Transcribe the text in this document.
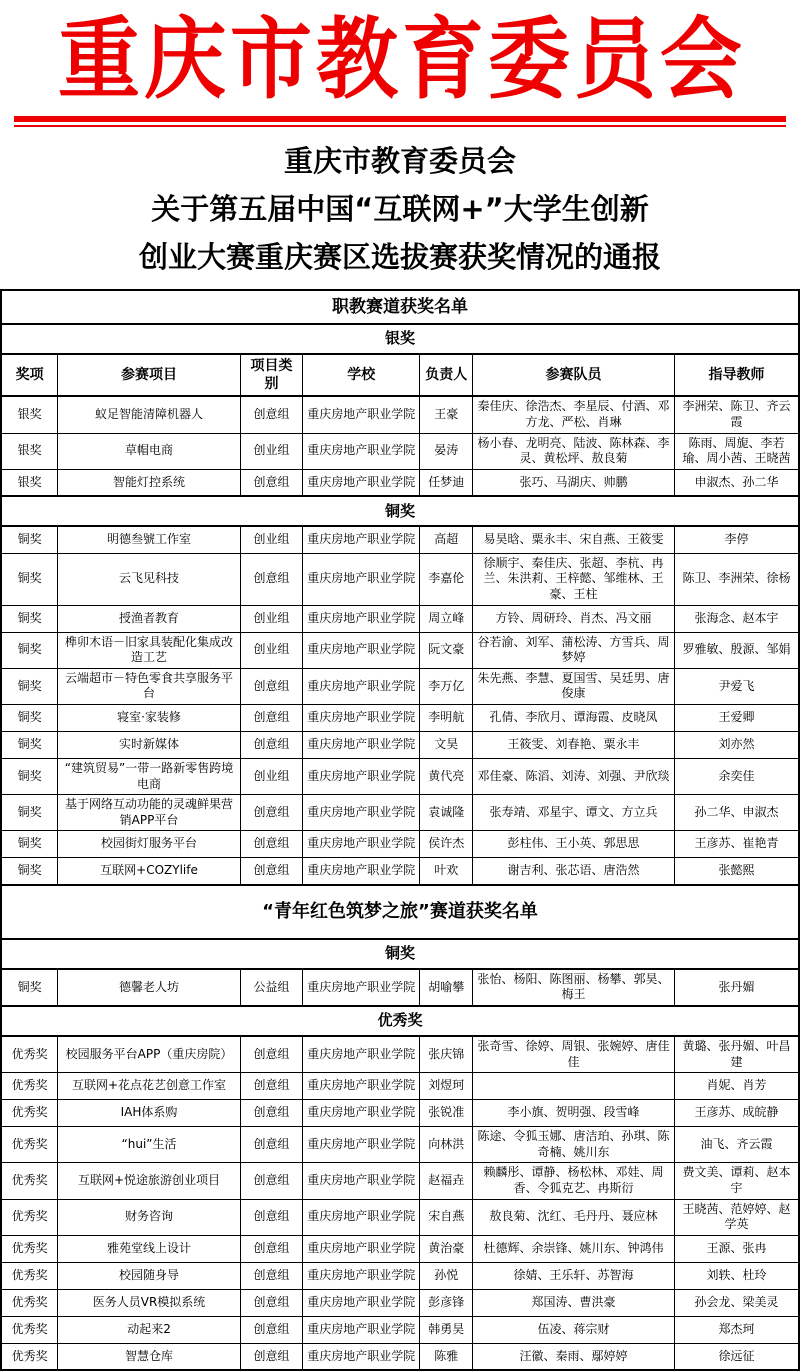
重 庆 市 教 育 委 员 会
重庆市教育委员会
关于第五届中国“互联网+”大学生创新
创业大赛重庆赛区选拔赛获奖情况的通报
职教赛道获奖名单						
银奖						
奖项	参赛项目	项目类别	学校	负责人	参赛队员	指导教师
银奖	蚁足智能清障机器人	创意组	重庆房地产职业学院	王豪	秦佳庆、徐浩杰、李星辰、付酒、邓方龙、严松、肖琳	李洲荣、陈卫、齐云霞
银奖	草帽电商	创业组	重庆房地产职业学院	晏涛	杨小春、龙明亮、陆波、陈林森、李灵、黄松坪、敖良菊	陈雨、周旎、李若瑜、周小茜、王晓茜
银奖	智能灯控系统	创意组	重庆房地产职业学院	任梦迪	张巧、马湖庆、帅鹏	申淑杰、孙二华
铜奖						
铜奖	明德叁號工作室	创业组	重庆房地产职业学院	高超	易昊晗、粟永丰、宋自燕、王筱雯	李停
铜奖	云飞见科技	创意组	重庆房地产职业学院	李嘉伦	徐顺宇、秦佳庆、张超、李杭、冉兰、朱洪莉、王梓懿、邹维林、王豪、王柱	陈卫、李洲荣、徐杨
铜奖	授渔者教育	创业组	重庆房地产职业学院	周立峰	方铃、周研玲、肖杰、冯文丽	张海念、赵本宇
铜奖	榫卯木语－旧家具装配化集成改造工艺	创业组	重庆房地产职业学院	阮文豪	谷若渝、刘军、蒲松涛、方雪兵、周梦婷	罗雅敏、殷源、邹娟
铜奖	云端超市－特色零食共享服务平台	创意组	重庆房地产职业学院	李万亿	朱先燕、李慧、夏国雪、吴廷男、唐俊康	尹爱飞
铜奖	寝室·家装修	创意组	重庆房地产职业学院	李明航	孔倩、李欣月、谭海霞、皮晓凤	王爱卿
铜奖	实时新媒体	创意组	重庆房地产职业学院	文昊	王筱雯、刘春艳、粟永丰	刘亦然
铜奖	“建筑贸易”一带一路新零售跨境电商	创业组	重庆房地产职业学院	黄代亮	邓佳豪、陈滔、刘涛、刘强、尹欣琰	余奕佳
铜奖	基于网络互动功能的灵魂鲜果营销APP平台	创意组	重庆房地产职业学院	袁诚隆	张寿靖、邓星宇、谭文、方立兵	孙二华、申淑杰
铜奖	校园街灯服务平台	创意组	重庆房地产职业学院	侯许杰	彭柱伟、王小英、郭思思	王彦苏、崔艳青
铜奖	互联网+COZYlife	创意组	重庆房地产职业学院	叶欢	谢吉利、张芯语、唐浩然	张懿熙
“青年红色筑梦之旅”赛道获奖名单						
铜奖						
铜奖	德馨老人坊	公益组	重庆房地产职业学院	胡喻攀	张怡、杨阳、陈图丽、杨攀、郭昊、梅王	张丹媚
优秀奖						
优秀奖	校园服务平台APP（重庆房院）	创意组	重庆房地产职业学院	张庆锦	张奇雪、徐婷、周银、张婉婷、唐佳佳	黄璐、张丹媚、叶昌建
优秀奖	互联网+花点花艺创意工作室	创意组	重庆房地产职业学院	刘煜珂		肖妮、肖芳
优秀奖	IAH体系购	创意组	重庆房地产职业学院	张锐准	李小旗、贺明强、段雪峰	王彦苏、成皖静
优秀奖	“hui”生活	创意组	重庆房地产职业学院	向林洪	陈途、令狐玉娜、唐洁珀、孙琪、陈奇楠、姚川东	油飞、齐云霞
优秀奖	互联网+悦途旅游创业项目	创意组	重庆房地产职业学院	赵福垚	赖麟彤、谭静、杨松林、邓娃、周香、令狐克艺、冉斯衍	费文美、谭莉、赵本宇
优秀奖	财务咨询	创意组	重庆房地产职业学院	宋自燕	敖良菊、沈红、毛丹丹、聂应林	王晓茜、范婷婷、赵学英
优秀奖	雅苑堂线上设计	创意组	重庆房地产职业学院	黄治豪	杜德辉、余崇锋、姚川东、钟鸿伟	王源、张冉
优秀奖	校园随身导	创意组	重庆房地产职业学院	孙悦	徐婧、王乐轩、苏智海	刘轶、杜玲
优秀奖	医务人员VR模拟系统	创意组	重庆房地产职业学院	彭彦锋	郑国涛、曹洪豪	孙会龙、梁美灵
优秀奖	动起来2	创意组	重庆房地产职业学院	韩勇昊	伍凌、蒋宗财	郑杰珂
优秀奖	智慧仓库	创意组	重庆房地产职业学院	陈雅	汪徽、秦雨、鄢婷婷	徐远征
